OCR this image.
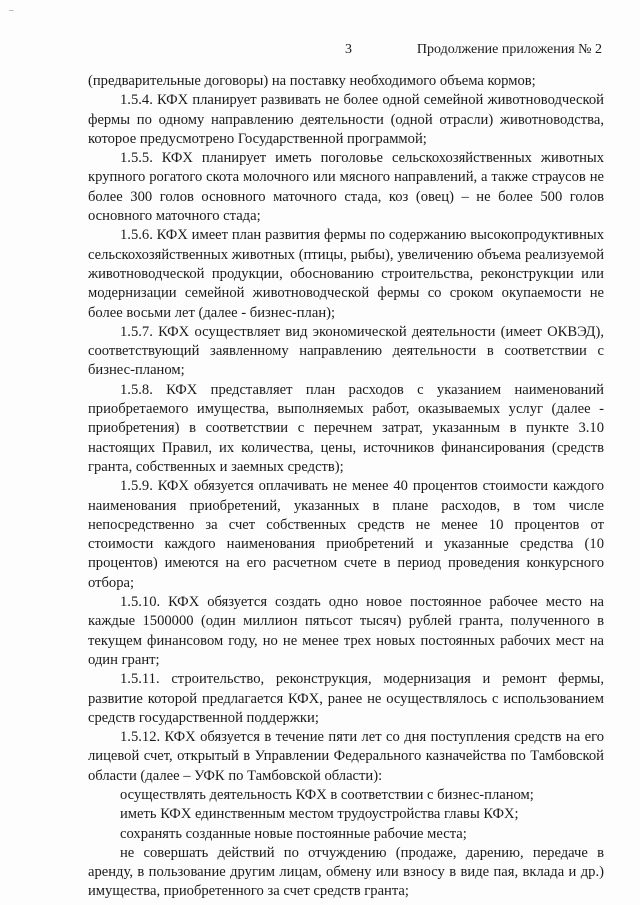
–
3	Продолжение приложения № 2

(предварительные договоры) на поставку необходимого объема кормов;

1.5.4. КФХ планирует развивать не более одной семейной животноводческой фермы по одному направлению деятельности (одной отрасли) животноводства, которое предусмотрено Государственной программой;

1.5.5. КФХ планирует иметь поголовье сельскохозяйственных животных крупного рогатого скота молочного или мясного направлений, а также страусов не более 300 голов основного маточного стада, коз (овец) – не более 500 голов основного маточного стада;

1.5.6. КФХ имеет план развития фермы по содержанию высокопродуктивных сельскохозяйственных животных (птицы, рыбы), увеличению объема реализуемой животноводческой продукции, обоснованию строительства, реконструкции или модернизации семейной животноводческой фермы со сроком окупаемости не более восьми лет (далее - бизнес-план);

1.5.7. КФХ осуществляет вид экономической деятельности (имеет ОКВЭД), соответствующий заявленному направлению деятельности в соответствии с бизнес-планом;

1.5.8. КФХ представляет план расходов с указанием наименований приобретаемого имущества, выполняемых работ, оказываемых услуг (далее - приобретения) в соответствии с перечнем затрат, указанным в пункте 3.10 настоящих Правил, их количества, цены, источников финансирования (средств гранта, собственных и заемных средств);

1.5.9. КФХ обязуется оплачивать не менее 40 процентов стоимости каждого наименования приобретений, указанных в плане расходов, в том числе непосредственно за счет собственных средств не менее 10 процентов от стоимости каждого наименования приобретений и указанные средства (10 процентов) имеются на его расчетном счете в период проведения конкурсного отбора;

1.5.10. КФХ обязуется создать одно новое постоянное рабочее место на каждые 1500000 (один миллион пятьсот тысяч) рублей гранта, полученного в текущем финансовом году, но не менее трех новых постоянных рабочих мест на один грант;

1.5.11. строительство, реконструкция, модернизация и ремонт фермы, развитие которой предлагается КФХ, ранее не осуществлялось с использованием средств государственной поддержки;

1.5.12. КФХ обязуется в течение пяти лет со дня поступления средств на его лицевой счет, открытый в Управлении Федерального казначейства по Тамбовской области (далее – УФК по Тамбовской области):

осуществлять деятельность КФХ в соответствии с бизнес-планом;

иметь КФХ единственным местом трудоустройства главы КФХ;

сохранять созданные новые постоянные рабочие места;

не совершать действий по отчуждению (продаже, дарению, передаче в аренду, в пользование другим лицам, обмену или взносу в виде пая, вклада и др.) имущества, приобретенного за счет средств гранта;
